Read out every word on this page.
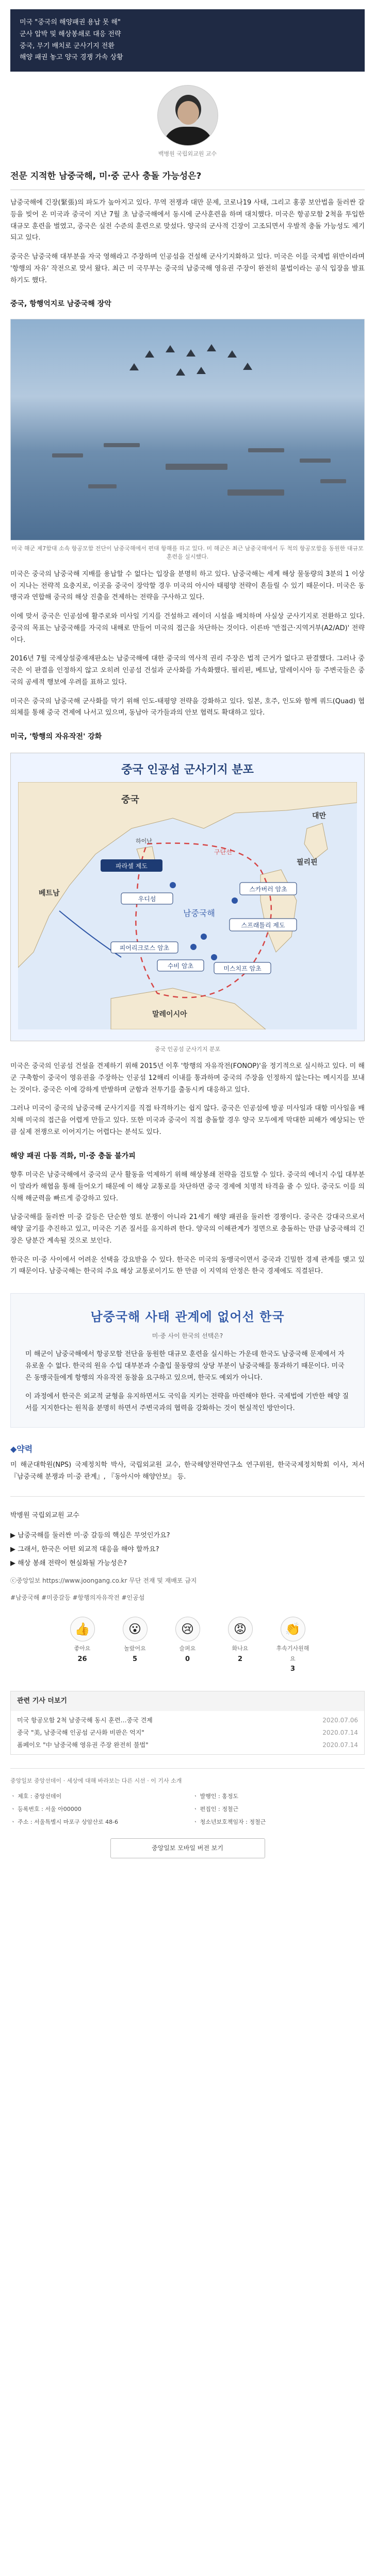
미국 "중국의 해양패권 용납 못 해"
군사 압박 및 해상봉쇄로 대응 전략
중국, 무기 배치로 군사기지 전환
해양 패권 놓고 양국 경쟁 가속 상황
백병원 국립외교원 교수
전문 지적한 남중국해, 미·중 군사 충돌 가능성은?

남중국해에 긴장(緊張)의 파도가 높아지고 있다. 무역 전쟁과 대만 문제, 코로나19 사태, 그리고 홍콩 보안법을 둘러싼 갈등을 빚어 온 미국과 중국이 지난 7월 초 남중국해에서 동시에 군사훈련을 하며 대치했다. 미국은 항공모함 2척을 투입한 대규모 훈련을 벌였고, 중국은 실전 수준의 훈련으로 맞섰다. 양국의 군사적 긴장이 고조되면서 우발적 충돌 가능성도 제기되고 있다.

중국은 남중국해 대부분을 자국 영해라고 주장하며 인공섬을 건설해 군사기지화하고 있다. 미국은 이를 국제법 위반이라며 '항행의 자유' 작전으로 맞서 왔다. 최근 미 국무부는 중국의 남중국해 영유권 주장이 완전히 불법이라는 공식 입장을 발표하기도 했다.

중국, 항행억지로 남중국해 장악
미국 해군 제7함대 소속 항공모함 전단이 남중국해에서 편대 항해를 하고 있다. 미 해군은 최근 남중국해에서 두 척의 항공모함을 동원한 대규모 훈련을 실시했다.

미국은 중국의 남중국해 지배를 용납할 수 없다는 입장을 분명히 하고 있다. 남중국해는 세계 해상 물동량의 3분의 1 이상이 지나는 전략적 요충지로, 이곳을 중국이 장악할 경우 미국의 아시아 태평양 전략이 흔들릴 수 있기 때문이다. 미국은 동맹국과 연합해 중국의 해상 진출을 견제하는 전략을 구사하고 있다.

이에 맞서 중국은 인공섬에 활주로와 미사일 기지를 건설하고 레이더 시설을 배치하며 사실상 군사기지로 전환하고 있다. 중국의 목표는 남중국해를 자국의 내해로 만들어 미국의 접근을 차단하는 것이다. 이른바 '반접근·지역거부(A2/AD)' 전략이다.

2016년 7월 국제상설중재재판소는 남중국해에 대한 중국의 역사적 권리 주장은 법적 근거가 없다고 판결했다. 그러나 중국은 이 판결을 인정하지 않고 오히려 인공섬 건설과 군사화를 가속화했다. 필리핀, 베트남, 말레이시아 등 주변국들은 중국의 공세적 행보에 우려를 표하고 있다.

미국은 중국의 남중국해 군사화를 막기 위해 인도-태평양 전략을 강화하고 있다. 일본, 호주, 인도와 함께 쿼드(Quad) 협의체를 통해 중국 견제에 나서고 있으며, 동남아 국가들과의 안보 협력도 확대하고 있다.

미국, '항행의 자유작전' 강화
중국 인공섬 군사기지 분포
파라셀 제도
스프래틀리 제도
스카버러 암초
우디섬
피어리크로스 암초
수비 암초	미스치프 암초
중국
대만
필리핀
베트남
말레이시아
남중국해
구단선
하이난
중국 인공섬 군사기지 분포

미국은 중국의 인공섬 건설을 견제하기 위해 2015년 이후 '항행의 자유작전(FONOP)'을 정기적으로 실시하고 있다. 미 해군 구축함이 중국이 영유권을 주장하는 인공섬 12해리 이내를 통과하며 중국의 주장을 인정하지 않는다는 메시지를 보내는 것이다. 중국은 이에 강하게 반발하며 군함과 전투기를 출동시켜 대응하고 있다.

그러나 미국이 중국의 남중국해 군사기지를 직접 타격하기는 쉽지 않다. 중국은 인공섬에 방공 미사일과 대함 미사일을 배치해 미국의 접근을 어렵게 만들고 있다. 또한 미국과 중국이 직접 충돌할 경우 양국 모두에게 막대한 피해가 예상되는 만큼 실제 전쟁으로 이어지기는 어렵다는 분석도 있다.

해양 패권 다툼 격화, 미·중 충돌 불가피

향후 미국은 남중국해에서 중국의 군사 활동을 억제하기 위해 해상봉쇄 전략을 검토할 수 있다. 중국의 에너지 수입 대부분이 말라카 해협을 통해 들어오기 때문에 이 해상 교통로를 차단하면 중국 경제에 치명적 타격을 줄 수 있다. 중국도 이를 의식해 해군력을 빠르게 증강하고 있다.

남중국해를 둘러싼 미·중 갈등은 단순한 영토 분쟁이 아니라 21세기 해양 패권을 둘러싼 경쟁이다. 중국은 강대국으로서 해양 굴기를 추진하고 있고, 미국은 기존 질서를 유지하려 한다. 양국의 이해관계가 정면으로 충돌하는 만큼 남중국해의 긴장은 당분간 계속될 것으로 보인다.

한국은 미·중 사이에서 어려운 선택을 강요받을 수 있다. 한국은 미국의 동맹국이면서 중국과 긴밀한 경제 관계를 맺고 있기 때문이다. 남중국해는 한국의 주요 해상 교통로이기도 한 만큼 이 지역의 안정은 한국 경제에도 직결된다.

남중국해 사태 관계에 없어선 한국
미·중 사이 한국의 선택은?

미 해군이 남중국해에서 항공모함 전단을 동원한 대규모 훈련을 실시하는 가운데 한국도 남중국해 문제에서 자유로울 수 없다. 한국의 원유 수입 대부분과 수출입 물동량의 상당 부분이 남중국해를 통과하기 때문이다. 미국은 동맹국들에게 항행의 자유작전 동참을 요구하고 있으며, 한국도 예외가 아니다.

이 과정에서 한국은 외교적 균형을 유지하면서도 국익을 지키는 전략을 마련해야 한다. 국제법에 기반한 해양 질서를 지지한다는 원칙을 분명히 하면서 주변국과의 협력을 강화하는 것이 현실적인 방안이다.

◆약력

미 해군대학원(NPS) 국제정치학 박사, 국립외교원 교수, 한국해양전략연구소 연구위원, 한국국제정치학회 이사, 저서 『남중국해 분쟁과 미·중 관계』, 『동아시아 해양안보』 등.

박병원 국립외교원 교수
▶ 남중국해를 둘러싼 미·중 갈등의 핵심은 무엇인가요?
▶ 그래서, 한국은 어떤 외교적 대응을 해야 할까요?
▶ 해상 봉쇄 전략이 현실화될 가능성은?
ⓒ중앙일보 https://www.joongang.co.kr 무단 전재 및 재배포 금지
#남중국해 #미중갈등 #항행의자유작전 #인공섬
👍
좋아요
26
😮
놀랐어요
5
😢
슬퍼요
0
😡
화나요
2
👏
후속기사원해요
3
관련 기사 더보기
미국 항공모함 2척 남중국해 동시 훈련…중국 견제	2020.07.06
중국 "美, 남중국해 인공섬 군사화 비판은 억지"	2020.07.14
폼페이오 "中 남중국해 영유권 주장 완전히 불법"	2020.07.14
중앙일보 중앙선데이 · 세상에 대해 바라보는 다른 시선 · 이 기사 소개
ㆍ 제호 : 중앙선데이	ㆍ 발행인 : 홍정도
ㆍ 등록번호 : 서울 아00000	ㆍ 편집인 : 정철근
ㆍ 주소 : 서울특별시 마포구 상암산로 48-6	ㆍ 청소년보호책임자 : 정철근
중앙일보 모바일 버전 보기
